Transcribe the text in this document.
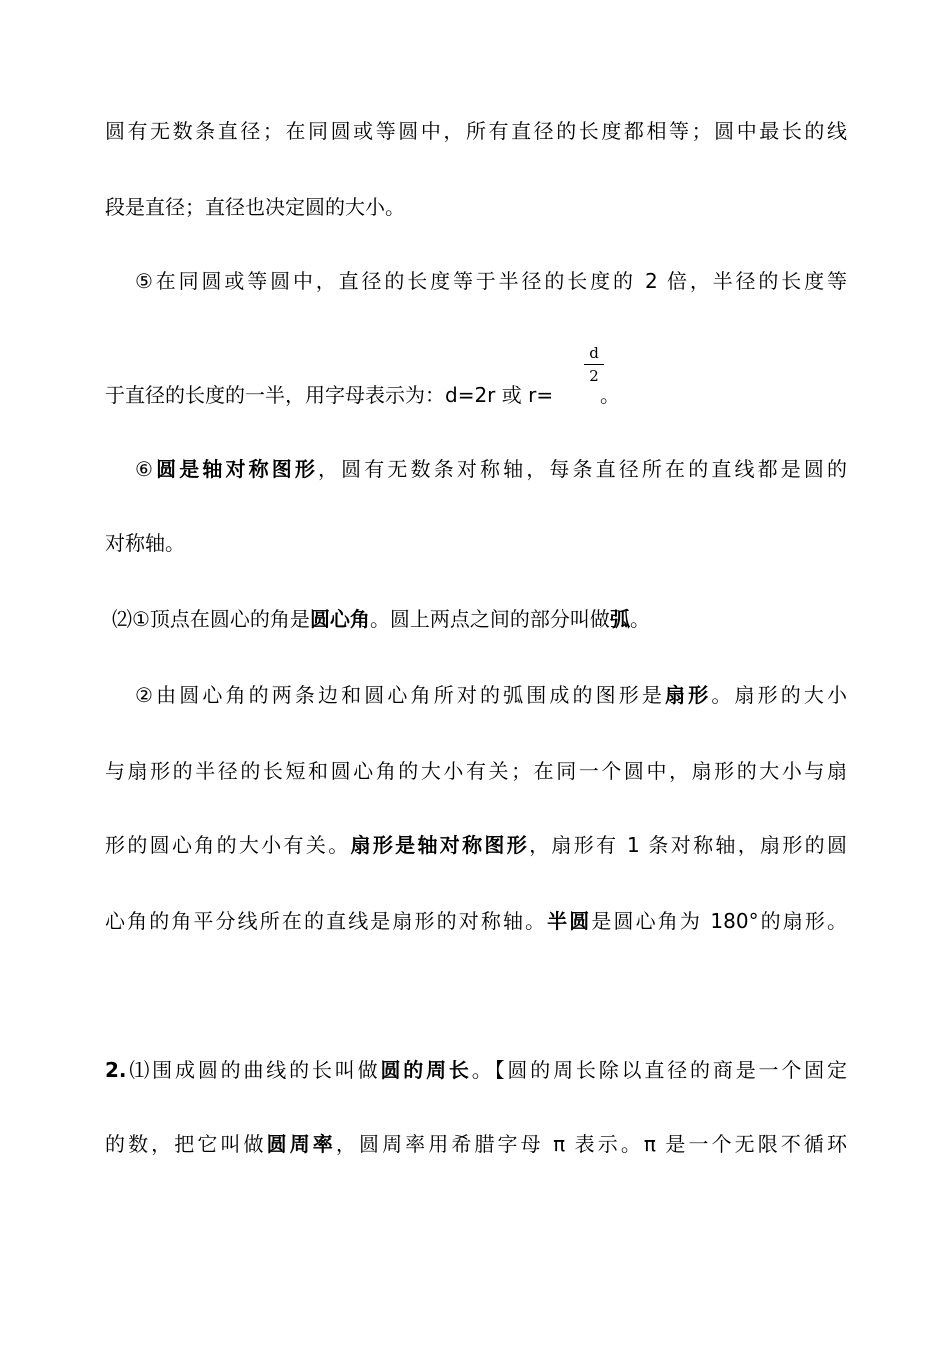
圆有无数条直径；在同圆或等圆中，所有直径的长度都相等；圆中最长的线
段是直径；直径也决定圆的大小。
⑤在同圆或等圆中，直径的长度等于半径的长度的 2 倍，半径的长度等
于直径的长度的一半，用字母表示为：d=2r 或 r=
$\frac{d}{2}$
。
⑥圆是轴对称图形，圆有无数条对称轴，每条直径所在的直线都是圆的
对称轴。
⑵①顶点在圆心的角是圆心角。圆上两点之间的部分叫做弧。
②由圆心角的两条边和圆心角所对的弧围成的图形是扇形。扇形的大小
与扇形的半径的长短和圆心角的大小有关；在同一个圆中，扇形的大小与扇
形的圆心角的大小有关。扇形是轴对称图形，扇形有 1 条对称轴，扇形的圆
心角的角平分线所在的直线是扇形的对称轴。半圆是圆心角为 180°的扇形。
2.⑴围成圆的曲线的长叫做圆的周长。【圆的周长除以直径的商是一个固定
的数，把它叫做圆周率，圆周率用希腊字母 π 表示。π 是一个无限不循环
